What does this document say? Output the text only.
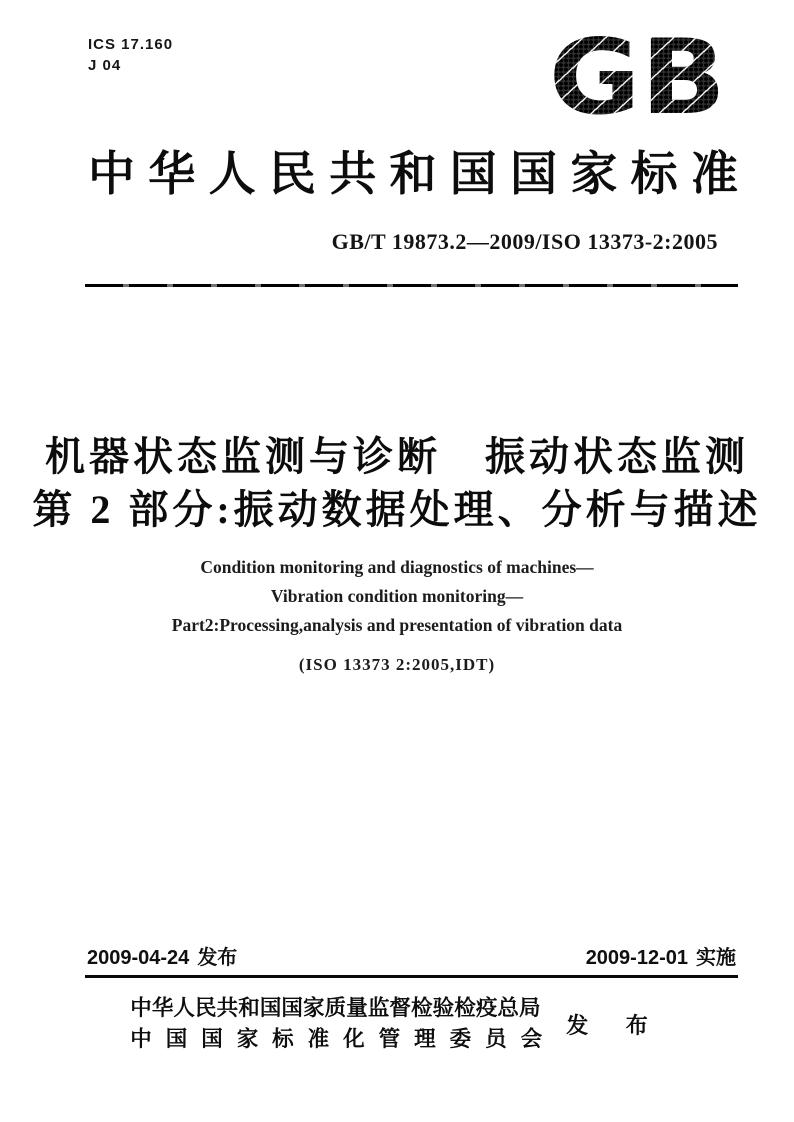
ICS 17.160
J 04	GB
中 华 人 民 共 和 国 国 家 标 准
GB/T 19873.2—2009/ISO 13373-2:2005
机器状态监测与诊断　振动状态监测
第 2 部分:振动数据处理、分析与描述
Condition monitoring and diagnostics of machines—
Vibration condition monitoring—
Part2:Processing,analysis and presentation of vibration data
(ISO 13373 2:2005,IDT)
2009-04-24 发布	2009-12-01 实施
中华人民共和国国家质量监督检验检疫总局
中 国 国 家 标 准 化 管 理 委 员 会
发 布
